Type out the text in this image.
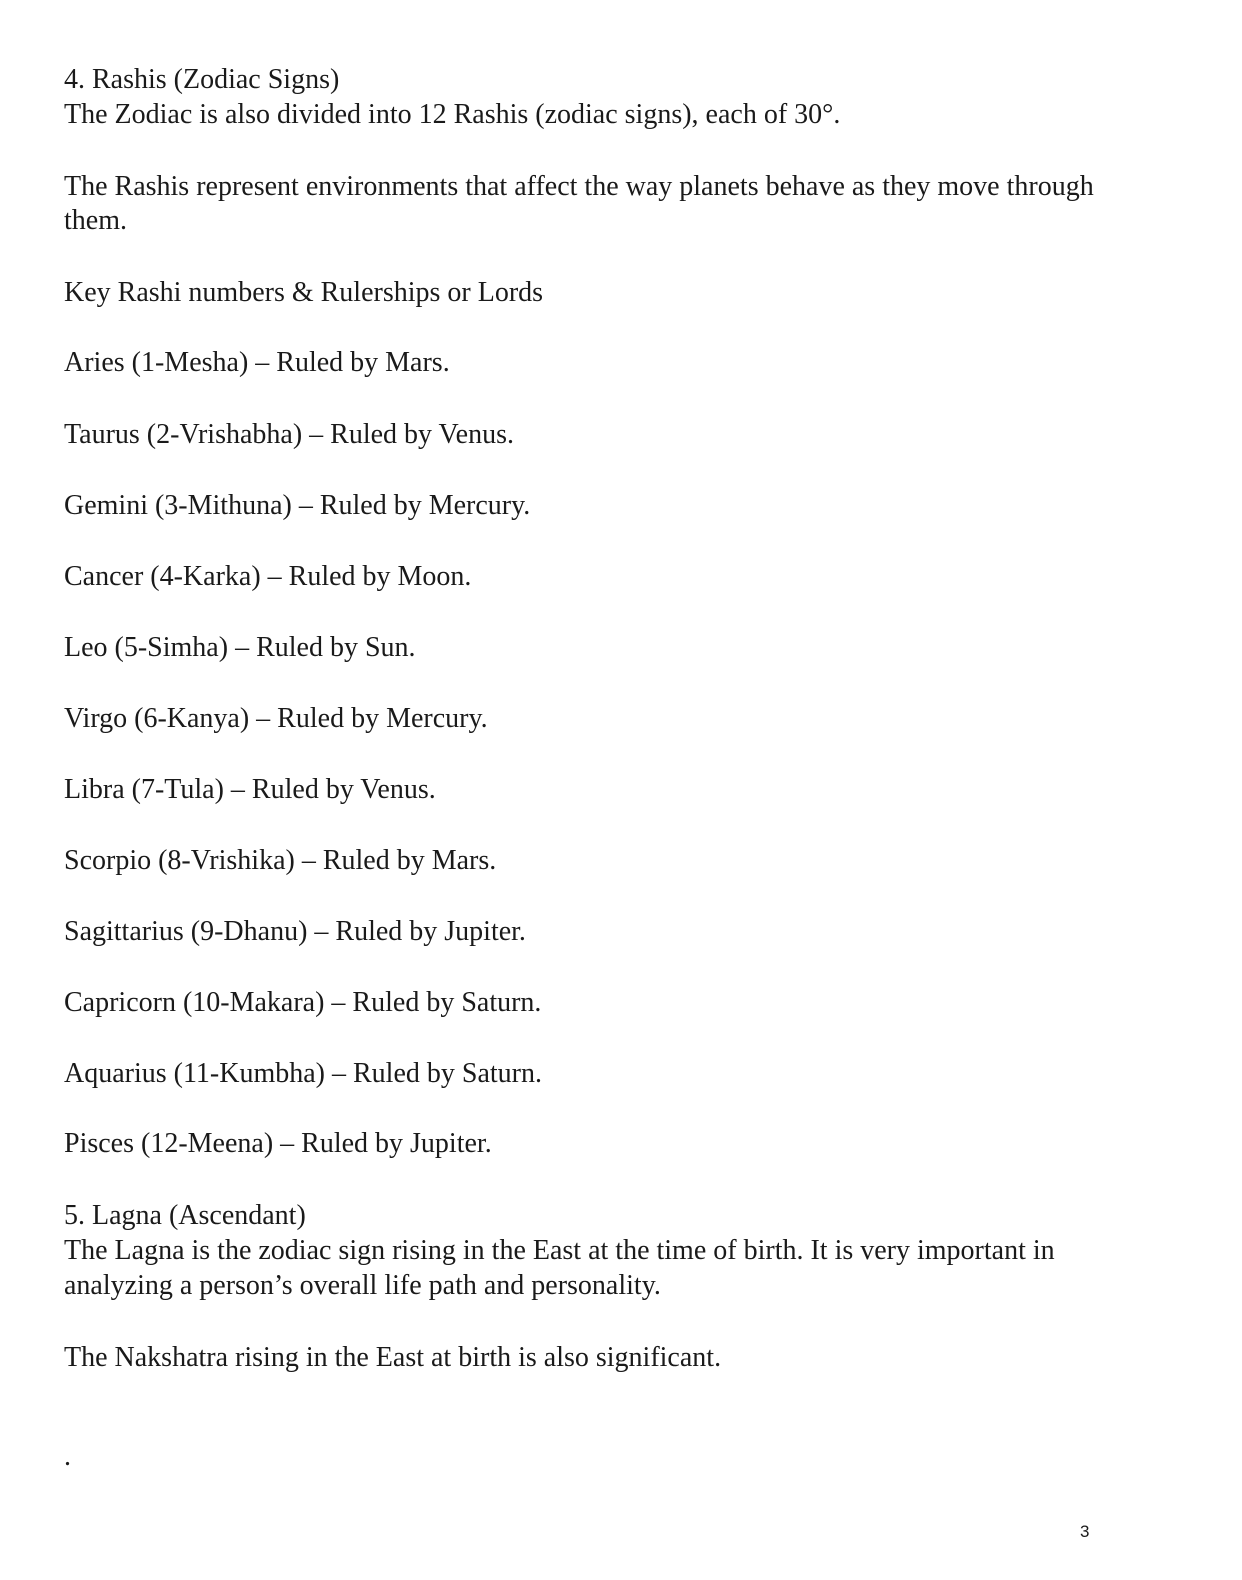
4. Rashis (Zodiac Signs)

The Zodiac is also divided into 12 Rashis (zodiac signs), each of 30°.

The Rashis represent environments that affect the way planets behave as they move through

them.

Key Rashi numbers & Rulerships or Lords

Aries (1-Mesha) – Ruled by Mars.

Taurus (2-Vrishabha) – Ruled by Venus.

Gemini (3-Mithuna) – Ruled by Mercury.

Cancer (4-Karka) – Ruled by Moon.

Leo (5-Simha) – Ruled by Sun.

Virgo (6-Kanya) – Ruled by Mercury.

Libra (7-Tula) – Ruled by Venus.

Scorpio (8-Vrishika) – Ruled by Mars.

Sagittarius (9-Dhanu) – Ruled by Jupiter.

Capricorn (10-Makara) – Ruled by Saturn.

Aquarius (11-Kumbha) – Ruled by Saturn.

Pisces (12-Meena) – Ruled by Jupiter.

5. Lagna (Ascendant)

The Lagna is the zodiac sign rising in the East at the time of birth. It is very important in

analyzing a person’s overall life path and personality.

The Nakshatra rising in the East at birth is also significant.

.
3
